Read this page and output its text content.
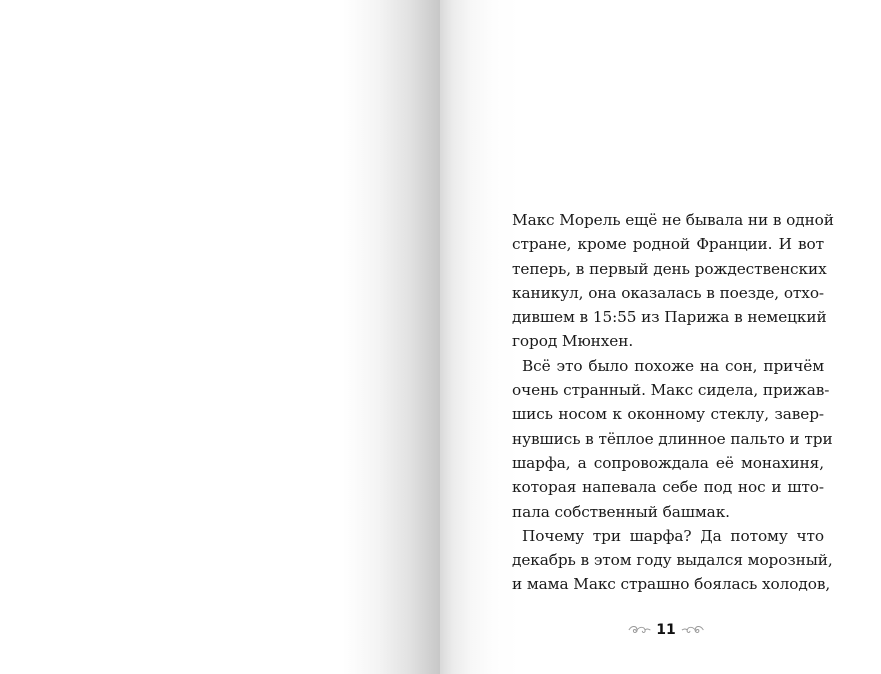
Макс Морель ещё не бывала ни в одной
стране, кроме родной Франции. И вот
теперь, в первый день рождественских
каникул, она оказалась в поезде, отхо-
дившем в 15:55 из Парижа в немецкий
город Мюнхен.
Всё это было похоже на сон, причём
очень странный. Макс сидела, прижав-
шись носом к оконному стеклу, завер-
нувшись в тёплое длинное пальто и три
шарфа, а сопровождала её монахиня,
которая напевала себе под нос и што-
пала собственный башмак.
Почему три шарфа? Да потому что
декабрь в этом году выдался морозный,
и мама Макс страшно боялась холодов,
11
